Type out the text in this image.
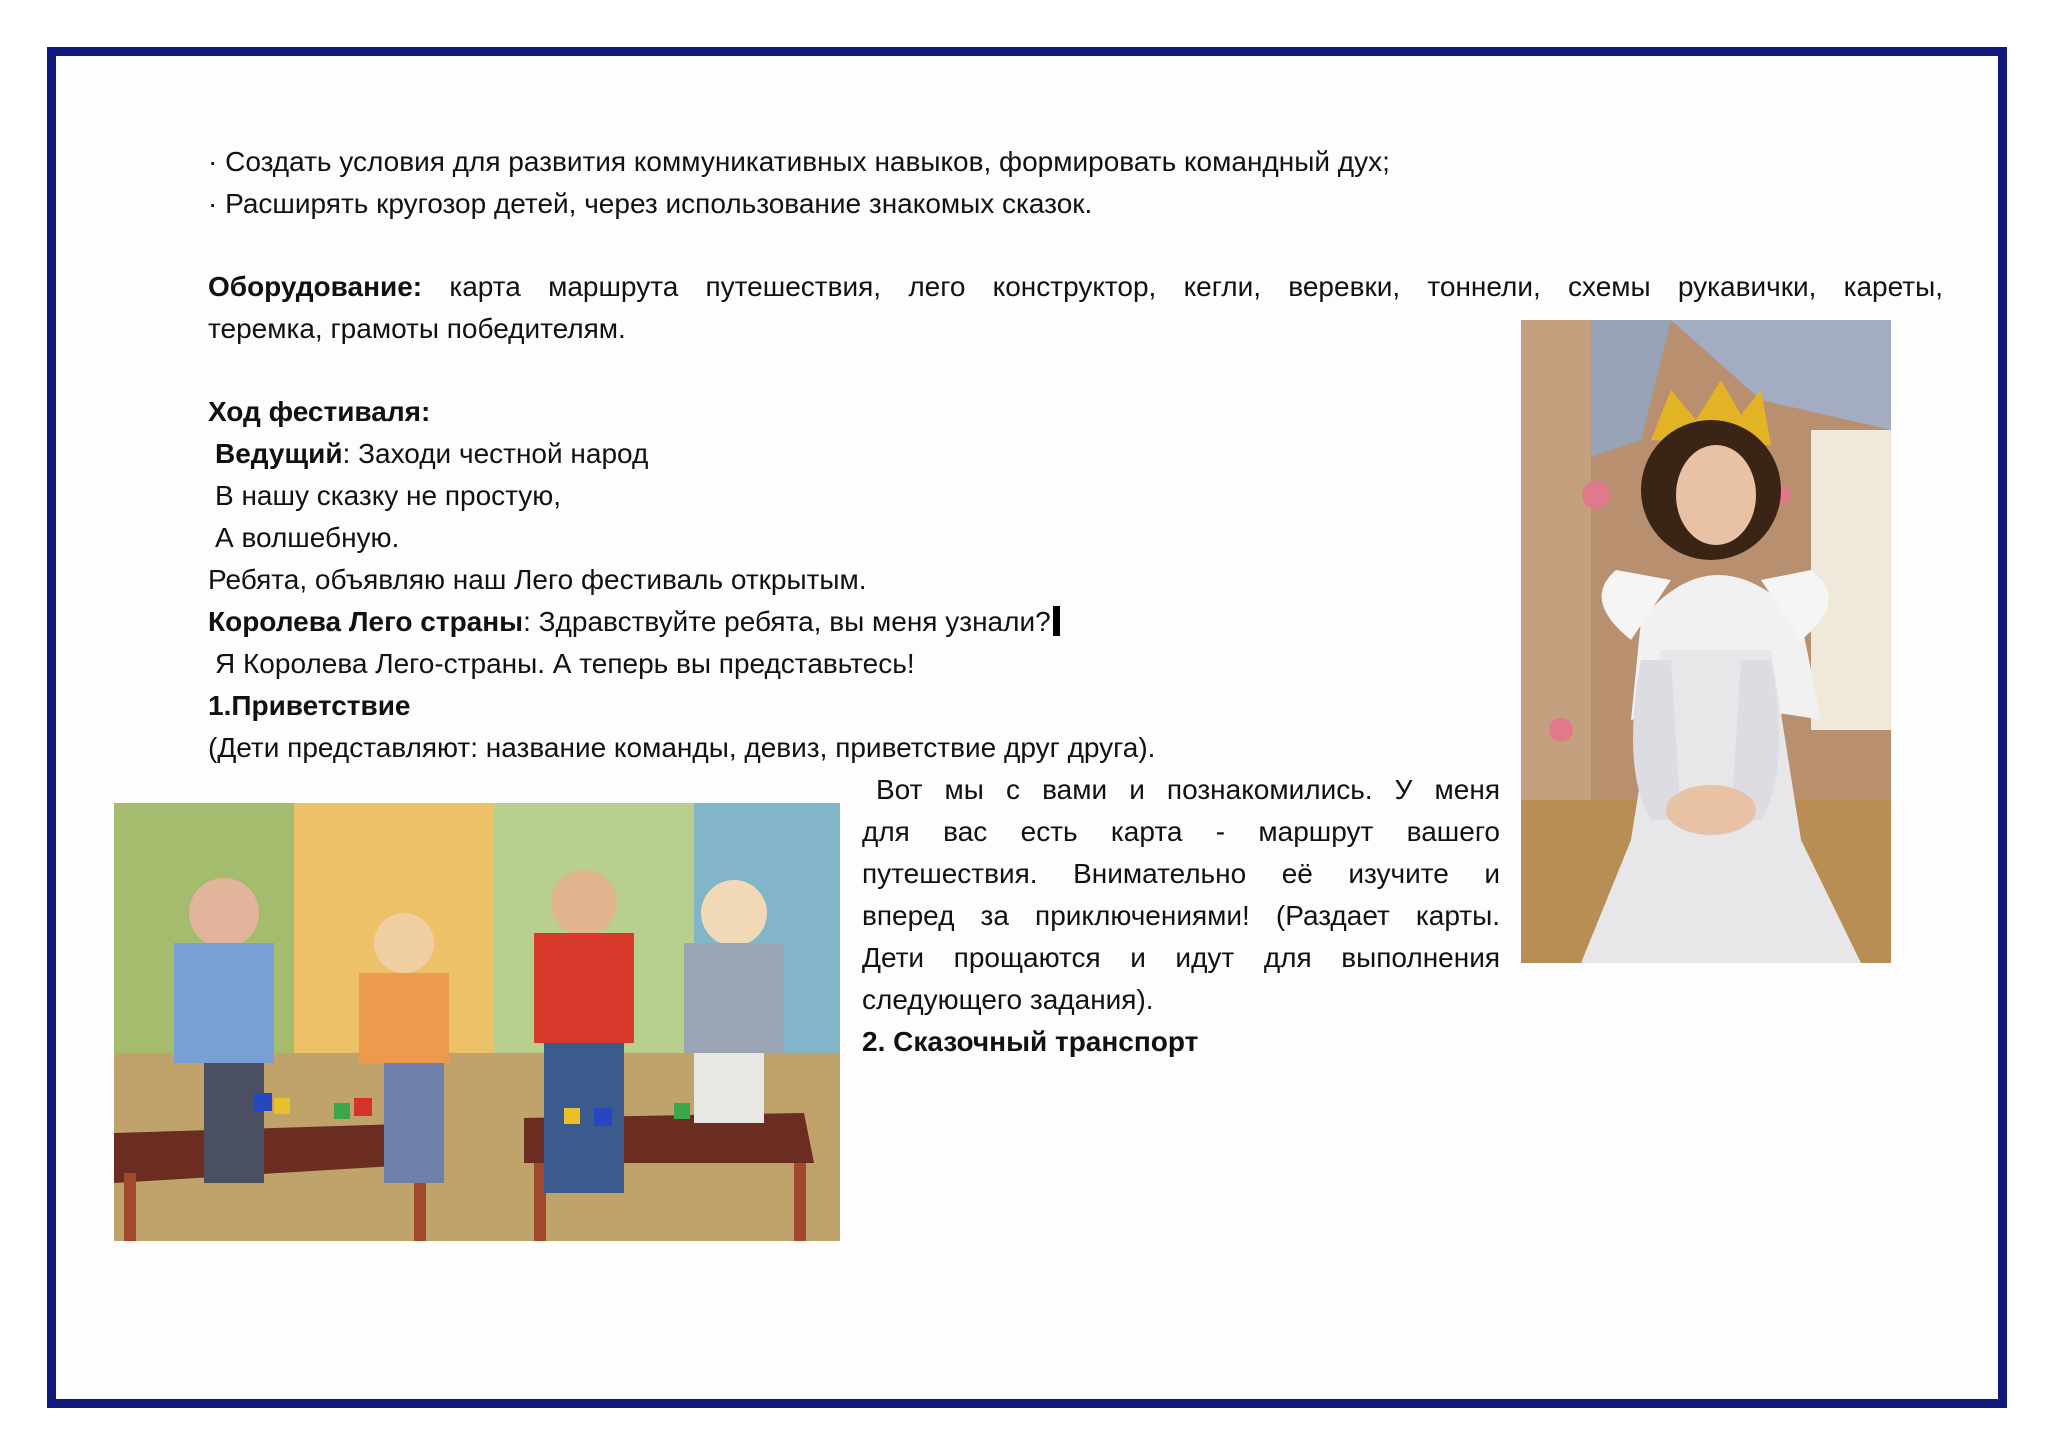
· Создать условия для развития коммуникативных навыков, формировать командный дух;
· Расширять кругозор детей, через использование знакомых сказок.
Оборудование: карта маршрута путешествия, лего конструктор, кегли, веревки, тоннели, схемы рукавички, кареты,
теремка, грамоты победителям.
Ход фестиваля:
Ведущий: Заходи честной народ
В нашу сказку не простую,
А волшебную.
Ребята, объявляю наш Лего фестиваль открытым.
Королева Лего страны: Здравствуйте ребята, вы меня узнали?
Я Королева Лего-страны. А теперь вы представьтесь!
1.Приветствие
(Дети представляют: название команды, девиз, приветствие друг друга).
Вот мы с вами и познакомились. У меня
для вас есть карта - маршрут вашего
путешествия. Внимательно её изучите и
вперед за приключениями! (Раздает карты.
Дети прощаются и идут для выполнения
следующего задания).
2. Сказочный транспорт
